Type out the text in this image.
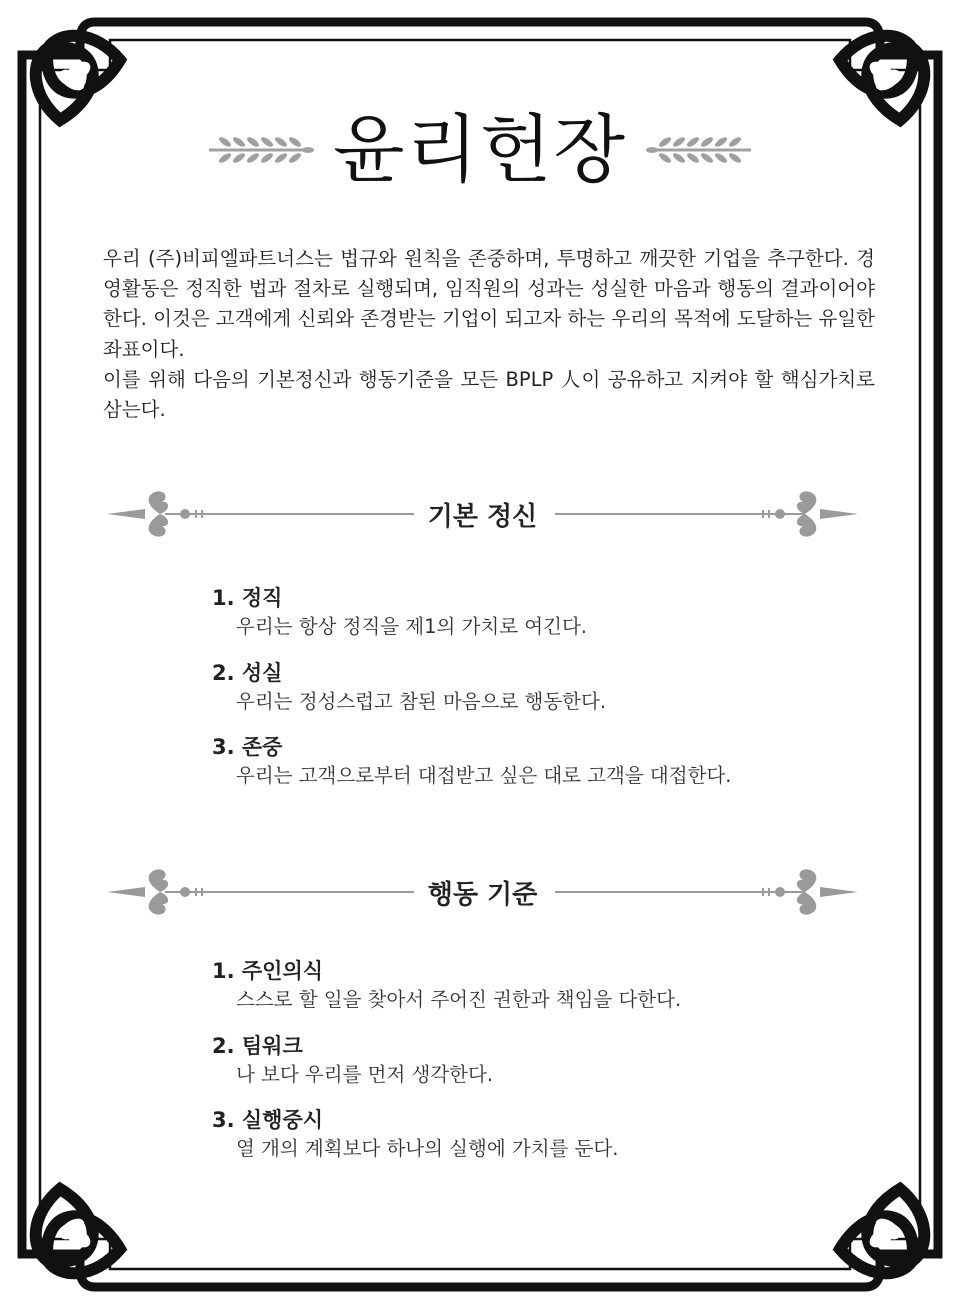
윤리헌장

우리 (주)비피엘파트너스는 법규와 원칙을 존중하며, 투명하고 깨끗한 기업을 추구한다. 경영활동은 정직한 법과 절차로 실행되며, 임직원의 성과는 성실한 마음과 행동의 결과이어야 한다. 이것은 고객에게 신뢰와 존경받는 기업이 되고자 하는 우리의 목적에 도달하는 유일한 좌표이다.

이를 위해 다음의 기본정신과 행동기준을 모든 BPLP 人이 공유하고 지켜야 할 핵심가치로 삼는다.

기본 정신
1. 정직
우리는 항상 정직을 제1의 가치로 여긴다.
2. 성실
우리는 정성스럽고 참된 마음으로 행동한다.
3. 존중
우리는 고객으로부터 대접받고 싶은 대로 고객을 대접한다.
행동 기준
1. 주인의식
스스로 할 일을 찾아서 주어진 권한과 책임을 다한다.
2. 팀워크
나 보다 우리를 먼저 생각한다.
3. 실행중시
열 개의 계획보다 하나의 실행에 가치를 둔다.
